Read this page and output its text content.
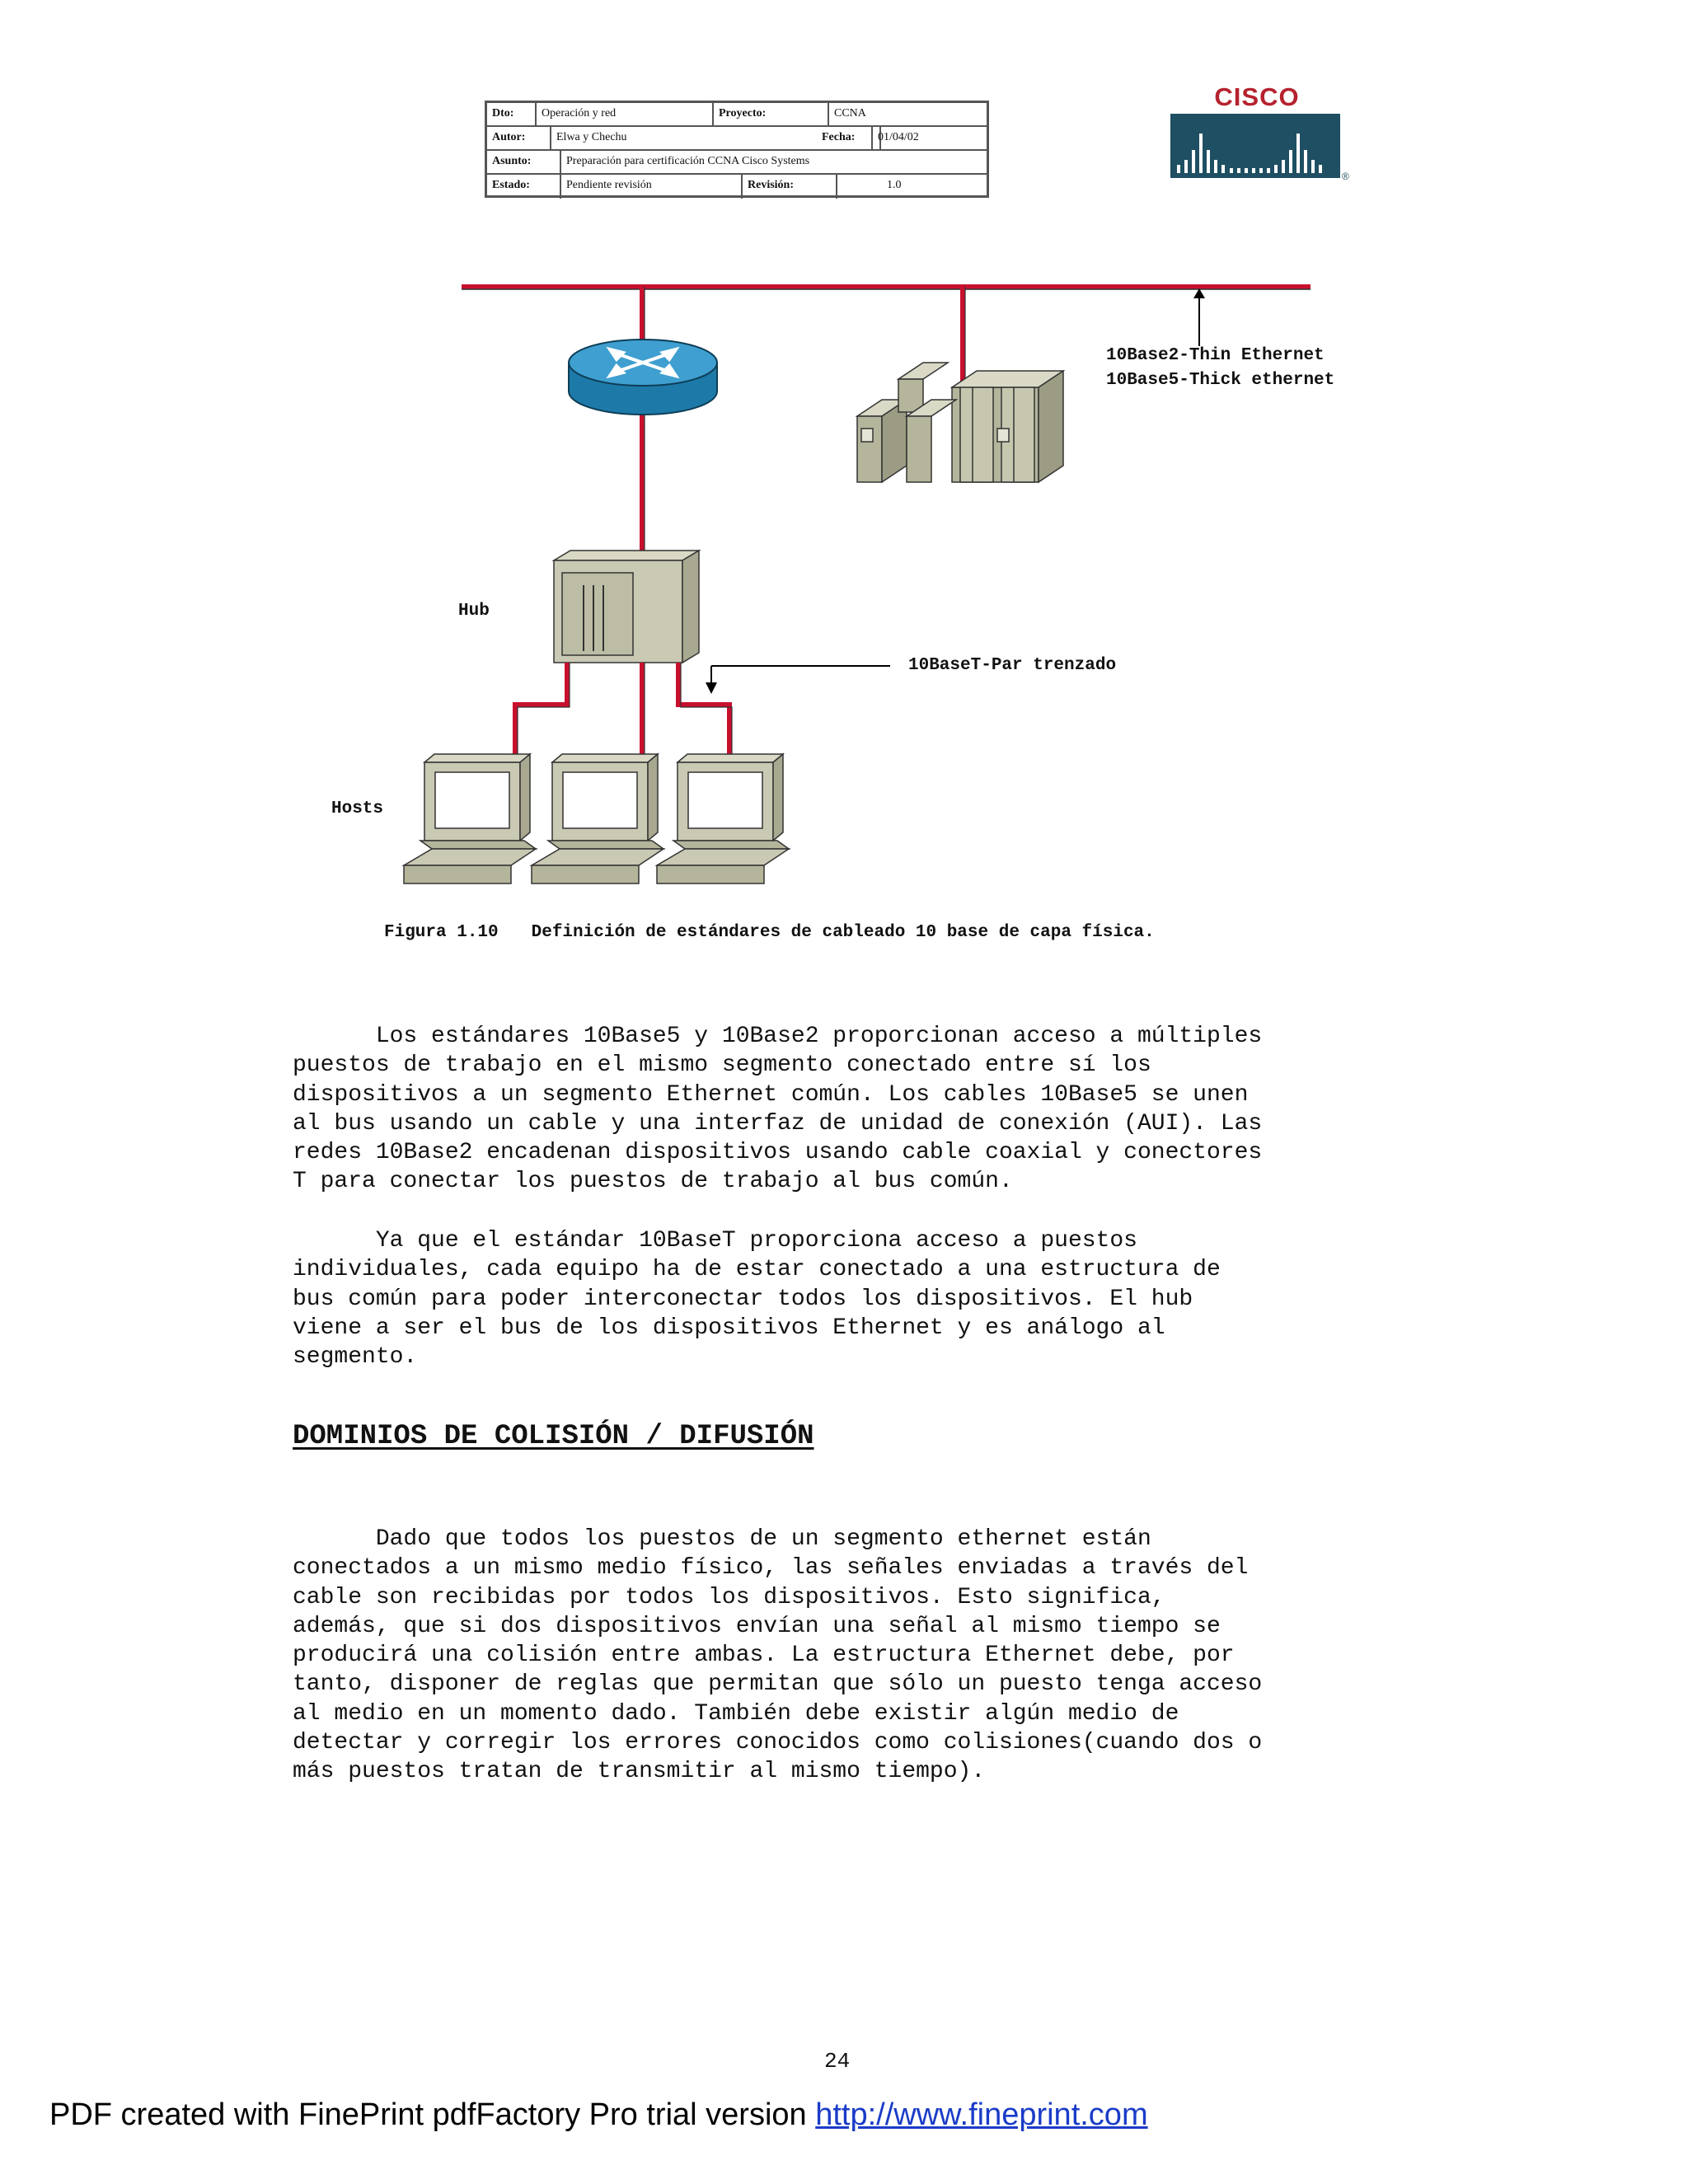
Dto:	Operación y red	Proyecto:	CCNA
Autor:	Elwa y Chechu	Fecha:	01/04/02
Asunto:	Preparación para certificación CCNA Cisco Systems
Estado:	Pendiente revisión	Revisión:	1.0
CISCO
®
10Base2-Thin Ethernet
10Base5-Thick ethernet
Hub
10BaseT-Par trenzado
Hosts
Figura 1.10 Definición de estándares de cableado 10 base de capa física.

Los estándares 10Base5 y 10Base2 proporcionan acceso a múltiples
puestos de trabajo en el mismo segmento conectado entre sí los
dispositivos a un segmento Ethernet común. Los cables 10Base5 se unen
al bus usando un cable y una interfaz de unidad de conexión (AUI). Las
redes 10Base2 encadenan dispositivos usando cable coaxial y conectores
T para conectar los puestos de trabajo al bus común.

Ya que el estándar 10BaseT proporciona acceso a puestos
individuales, cada equipo ha de estar conectado a una estructura de
bus común para poder interconectar todos los dispositivos. El hub
viene a ser el bus de los dispositivos Ethernet y es análogo al
segmento.

DOMINIOS DE COLISIÓN / DIFUSIÓN

Dado que todos los puestos de un segmento ethernet están
conectados a un mismo medio físico, las señales enviadas a través del
cable son recibidas por todos los dispositivos. Esto significa,
además, que si dos dispositivos envían una señal al mismo tiempo se
producirá una colisión entre ambas. La estructura Ethernet debe, por
tanto, disponer de reglas que permitan que sólo un puesto tenga acceso
al medio en un momento dado. También debe existir algún medio de
detectar y corregir los errores conocidos como colisiones(cuando dos o
más puestos tratan de transmitir al mismo tiempo).

24
PDF created with FinePrint pdfFactory Pro trial version http://www.fineprint.com
